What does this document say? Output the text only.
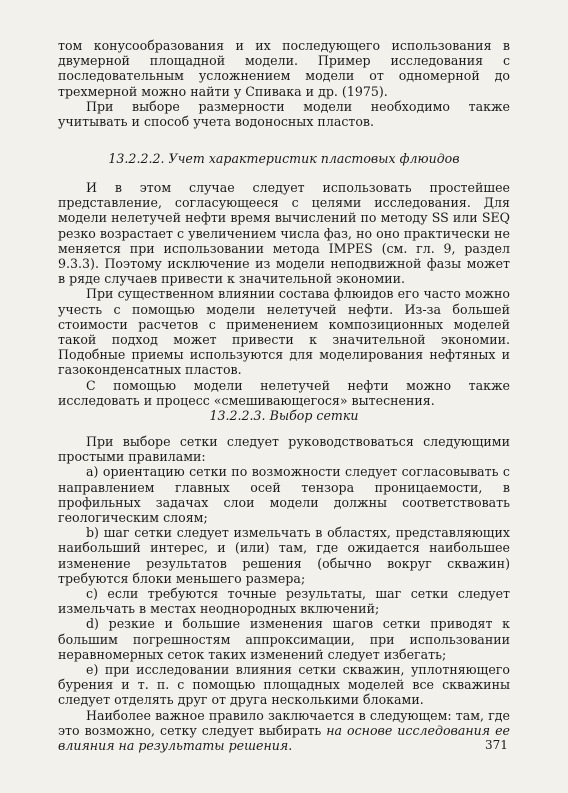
том конусообразования и их последующего использования в двумерной площадной модели. Пример исследования с последовательным усложнением модели от одномерной до трехмерной можно найти у Спивака и др. (1975).

При выборе размерности модели необходимо также учитывать и способ учета водоносных пластов.

13.2.2.2. Учет характеристик пластовых флюидов

И в этом случае следует использовать простейшее представление, согласующееся с целями исследования. Для модели нелетучей нефти время вычислений по методу SS или SEQ резко возрастает с увеличением числа фаз, но оно практически не меняется при использовании метода IMPES (см. гл. 9, раздел 9.3.3). Поэтому исключение из модели неподвижной фазы может в ряде случаев привести к значительной экономии.

При существенном влиянии состава флюидов его часто можно учесть с помощью модели нелетучей нефти. Из-за большей стоимости расчетов с применением композиционных моделей такой подход может привести к значительной экономии. Подобные приемы используются для моделирования нефтяных и газоконденсатных пластов.

С помощью модели нелетучей нефти можно также исследовать и процесс «смешивающегося» вытеснения.

13.2.2.3. Выбор сетки

При выборе сетки следует руководствоваться следующими простыми правилами:

а) ориентацию сетки по возможности следует согласовывать с направлением главных осей тензора проницаемости, в профильных задачах слои модели должны соответствовать геологическим слоям;

b) шаг сетки следует измельчать в областях, представляющих наибольший интерес, и (или) там, где ожидается наибольшее изменение результатов решения (обычно вокруг скважин) требуются блоки меньшего размера;

с) если требуются точные результаты, шаг сетки следует измельчать в местах неоднородных включений;

d) резкие и большие изменения шагов сетки приводят к большим погрешностям аппроксимации, при использовании неравномерных сеток таких изменений следует избегать;

е) при исследовании влияния сетки скважин, уплотняющего бурения и т. п. с помощью площадных моделей все скважины следует отделять друг от друга несколькими блоками.

Наиболее важное правило заключается в следующем: там, где это возможно, сетку следует выбирать на основе исследования ее влияния на результаты решения.	371
